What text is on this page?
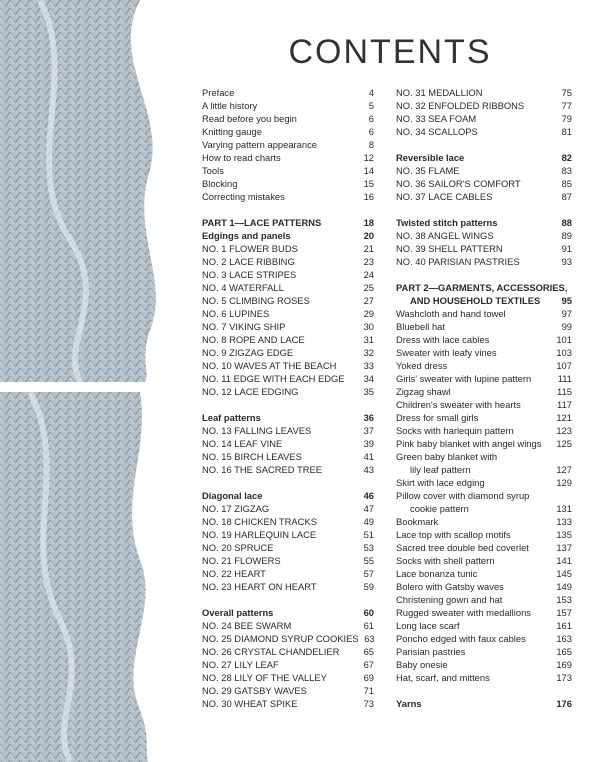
CONTENTS
Preface	4
A little history	5
Read before you begin	6
Knitting gauge	6
Varying pattern appearance	8
How to read charts	12
Tools	14
Blocking	15
Correcting mistakes	16
PART 1—LACE PATTERNS	18
Edgings and panels	20
NO. 1 FLOWER BUDS	21
NO. 2 LACE RIBBING	23
NO. 3 LACE STRIPES	24
NO. 4 WATERFALL	25
NO. 5 CLIMBING ROSES	27
NO. 6 LUPINES	29
NO. 7 VIKING SHIP	30
NO. 8 ROPE AND LACE	31
NO. 9 ZIGZAG EDGE	32
NO. 10 WAVES AT THE BEACH	33
NO. 11 EDGE WITH EACH EDGE	34
NO. 12 LACE EDGING	35
Leaf patterns	36
NO. 13 FALLING LEAVES	37
NO. 14 LEAF VINE	39
NO. 15 BIRCH LEAVES	41
NO. 16 THE SACRED TREE	43
Diagonal lace	46
NO. 17 ZIGZAG	47
NO. 18 CHICKEN TRACKS	49
NO. 19 HARLEQUIN LACE	51
NO. 20 SPRUCE	53
NO. 21 FLOWERS	55
NO. 22 HEART	57
NO. 23 HEART ON HEART	59
Overall patterns	60
NO. 24 BEE SWARM	61
NO. 25 DIAMOND SYRUP COOKIES 63
NO. 26 CRYSTAL CHANDELIER	65
NO. 27 LILY LEAF	67
NO. 28 LILY OF THE VALLEY	69
NO. 29 GATSBY WAVES	71
NO. 30 WHEAT SPIKE	73
NO. 31 MEDALLION	75
NO. 32 ENFOLDED RIBBONS	77
NO. 33 SEA FOAM	79
NO. 34 SCALLOPS	81
Reversible lace	82
NO. 35 FLAME	83
NO. 36 SAILOR'S COMFORT	85
NO. 37 LACE CABLES	87
Twisted stitch patterns	88
NO. 38 ANGEL WINGS	89
NO. 39 SHELL PATTERN	91
NO. 40 PARISIAN PASTRIES	93
PART 2—GARMENTS, ACCESSORIES,
AND HOUSEHOLD TEXTILES	95
Washcloth and hand towel	97
Bluebell hat	99
Dress with lace cables	101
Sweater with leafy vines	103
Yoked dress	107
Girls' sweater with lupine pattern	111
Zigzag shawl	115
Children's sweater with hearts	117
Dress for small girls	121
Socks with harlequin pattern	123
Pink baby blanket with angel wings 125
Green baby blanket with
lily leaf pattern	127
Skirt with lace edging	129
Pillow cover with diamond syrup
cookie pattern	131
Bookmark	133
Lace top with scallop motifs	135
Sacred tree double bed coverlet	137
Socks with shell pattern	141
Lace bonanza tunic	145
Bolero with Gatsby waves	149
Christening gown and hat	153
Rugged sweater with medallions	157
Long lace scarf	161
Poncho edged with faux cables	163
Parisian pastries	165
Baby onesie	169
Hat, scarf, and mittens	173
Yarns	176
